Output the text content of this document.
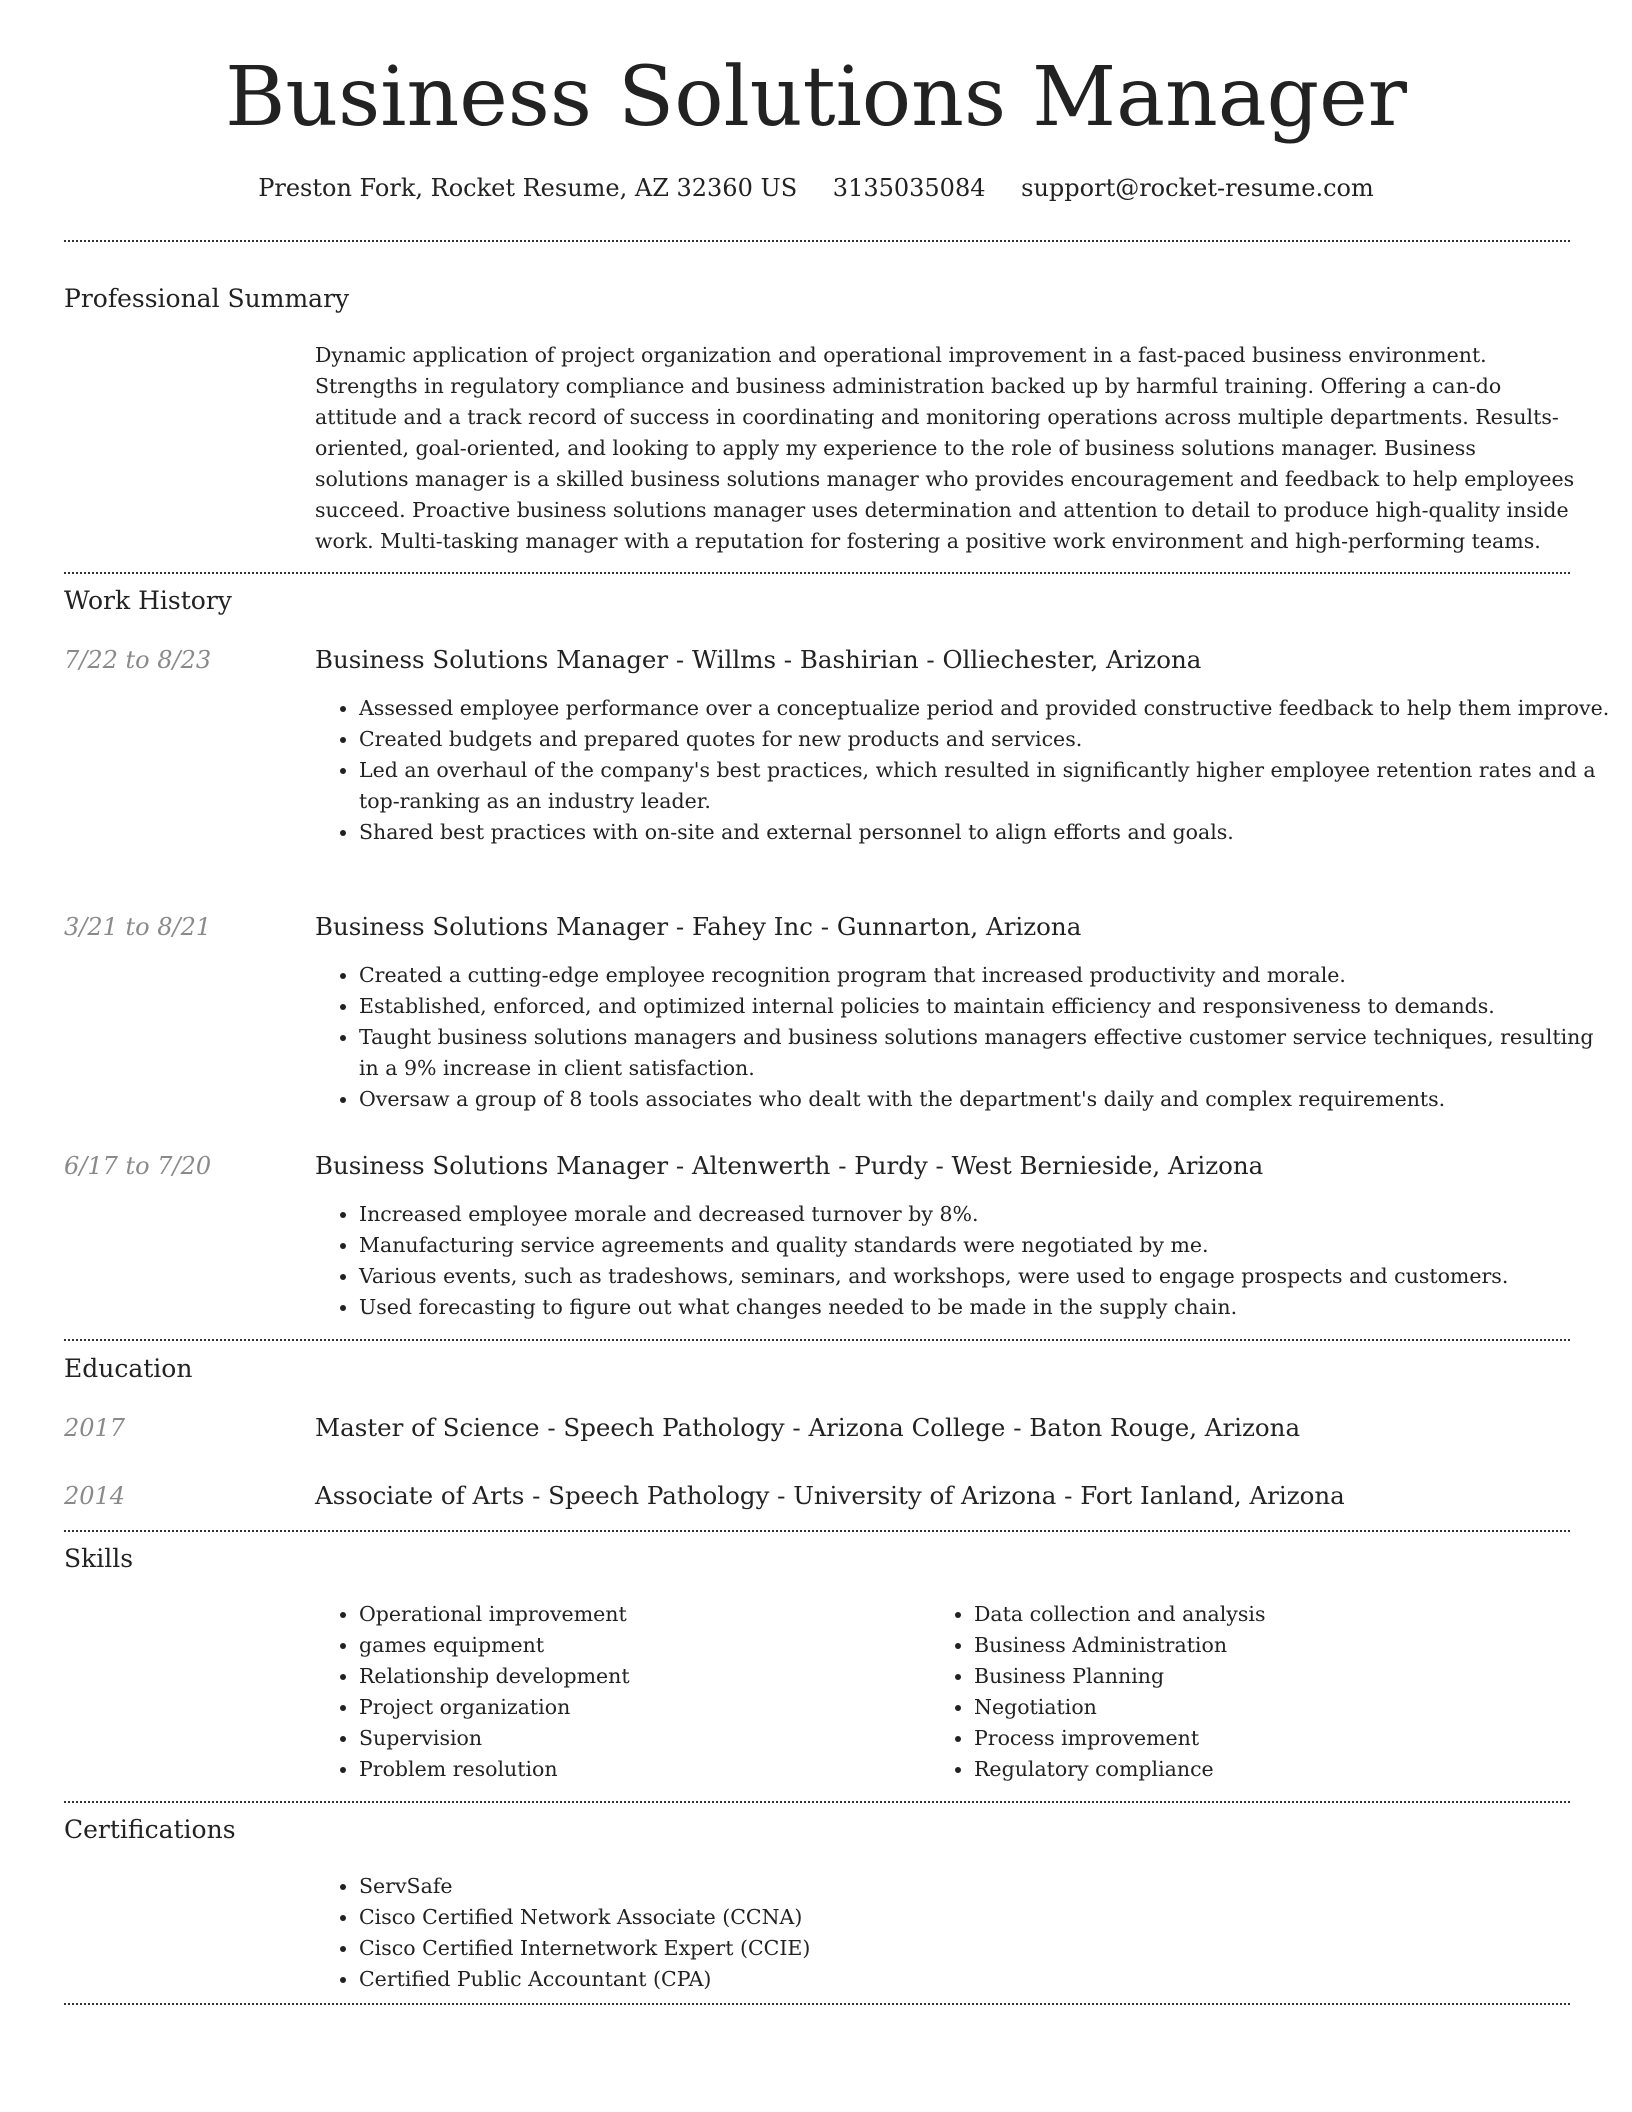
Business Solutions Manager
Preston Fork, Rocket Resume, AZ 32360 US 3135035084 support@rocket-resume.com
Professional Summary
Dynamic application of project organization and operational improvement in a fast-paced business environment. Strengths in regulatory compliance and business administration backed up by harmful training. Offering a can-do attitude and a track record of success in coordinating and monitoring operations across multiple departments. Results-oriented, goal-oriented, and looking to apply my experience to the role of business solutions manager. Business solutions manager is a skilled business solutions manager who provides encouragement and feedback to help employees succeed. Proactive business solutions manager uses determination and attention to detail to produce high-quality inside work. Multi-tasking manager with a reputation for fostering a positive work environment and high-performing teams.
Work History
7/22 to 8/23	Business Solutions Manager - Willms - Bashirian - Olliechester, Arizona
• Assessed employee performance over a conceptualize period and provided constructive feedback to help them improve.
• Created budgets and prepared quotes for new products and services.
• Led an overhaul of the company's best practices, which resulted in significantly higher employee retention rates and a top-ranking as an industry leader.
• Shared best practices with on-site and external personnel to align efforts and goals.
3/21 to 8/21	Business Solutions Manager - Fahey Inc - Gunnarton, Arizona
• Created a cutting-edge employee recognition program that increased productivity and morale.
• Established, enforced, and optimized internal policies to maintain efficiency and responsiveness to demands.
• Taught business solutions managers and business solutions managers effective customer service techniques, resulting in a 9% increase in client satisfaction.
• Oversaw a group of 8 tools associates who dealt with the department's daily and complex requirements.
6/17 to 7/20	Business Solutions Manager - Altenwerth - Purdy - West Bernieside, Arizona
• Increased employee morale and decreased turnover by 8%.
• Manufacturing service agreements and quality standards were negotiated by me.
• Various events, such as tradeshows, seminars, and workshops, were used to engage prospects and customers.
• Used forecasting to figure out what changes needed to be made in the supply chain.
Education
2017	Master of Science - Speech Pathology - Arizona College - Baton Rouge, Arizona
2014	Associate of Arts - Speech Pathology - University of Arizona - Fort Ianland, Arizona
Skills
• Operational improvement
• games equipment
• Relationship development
• Project organization
• Supervision
• Problem resolution
• Data collection and analysis
• Business Administration
• Business Planning
• Negotiation
• Process improvement
• Regulatory compliance
Certifications
• ServSafe
• Cisco Certified Network Associate (CCNA)
• Cisco Certified Internetwork Expert (CCIE)
• Certified Public Accountant (CPA)
